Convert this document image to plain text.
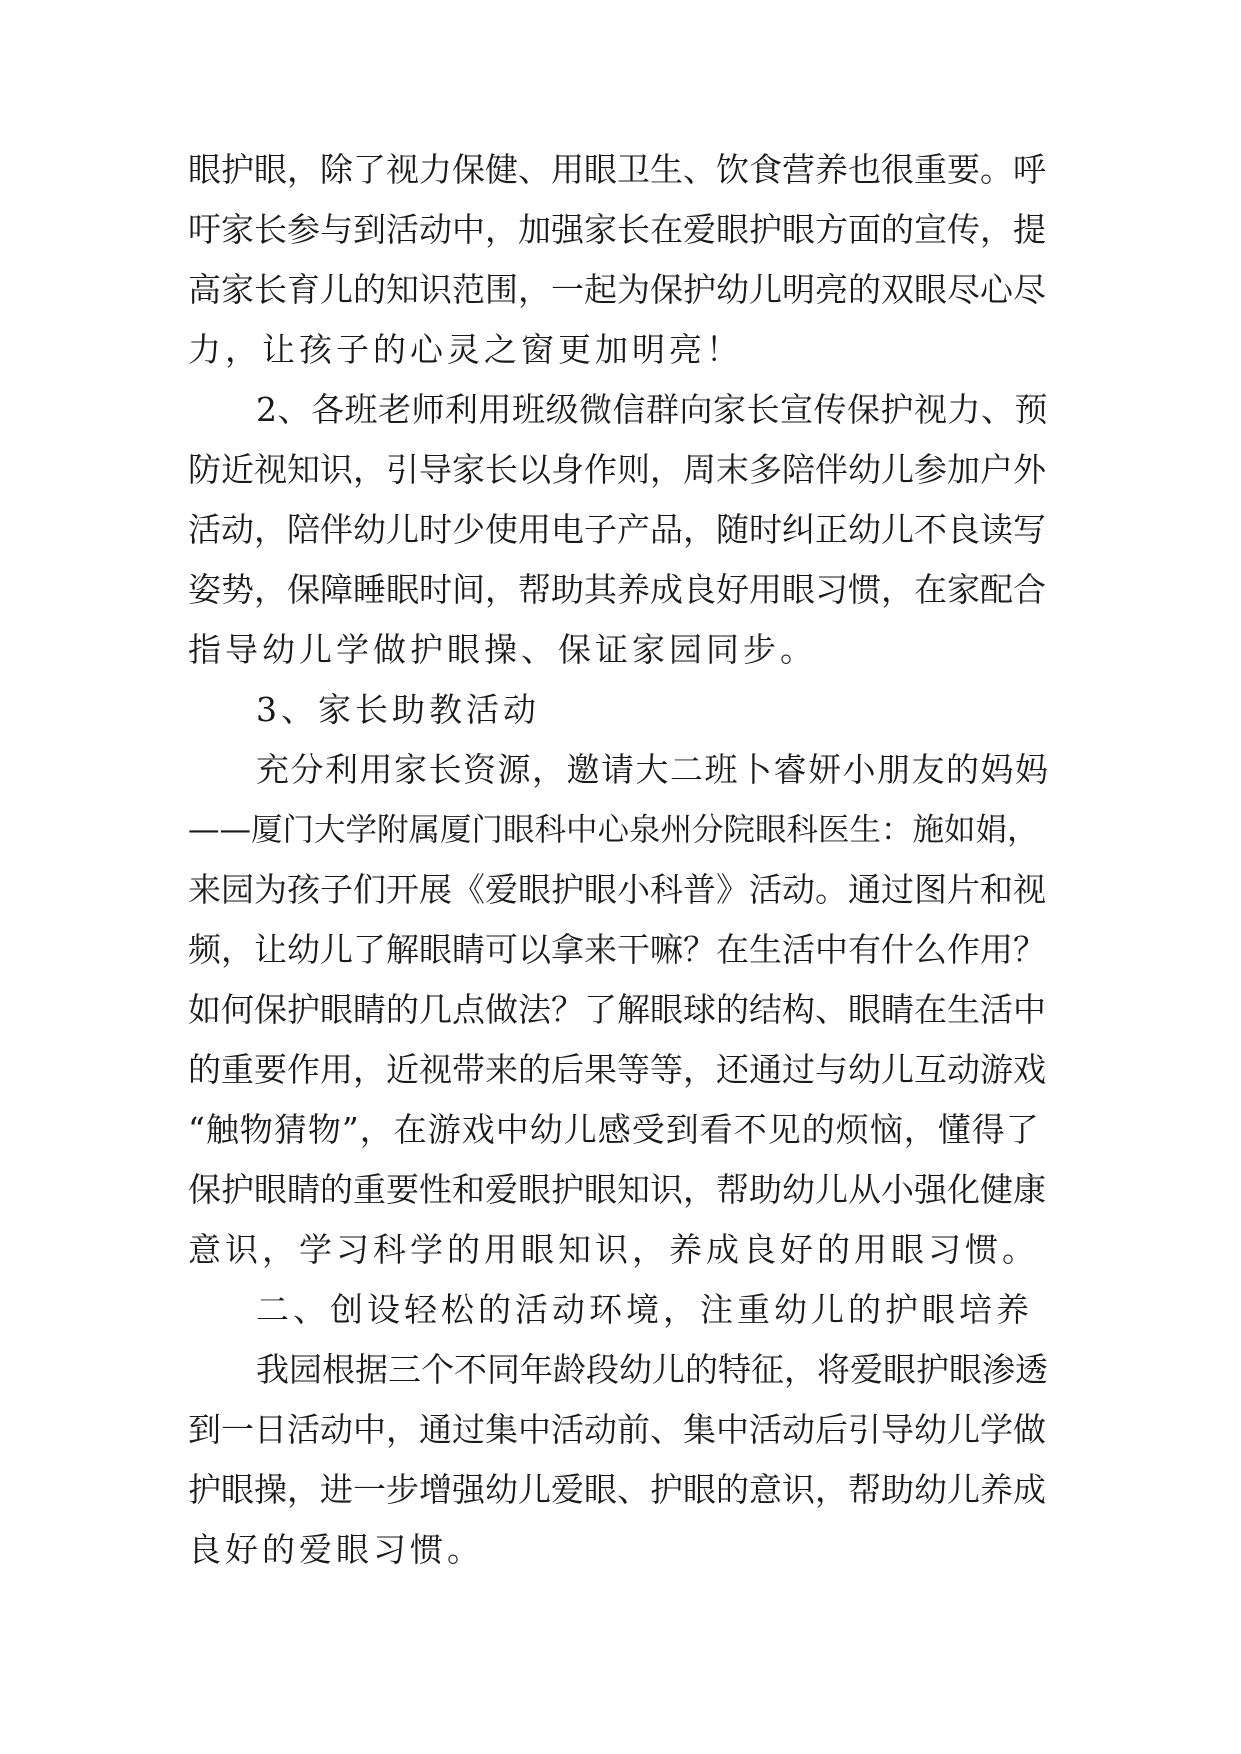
眼护眼，除了视力保健、用眼卫生、饮食营养也很重要。呼
吁家长参与到活动中，加强家长在爱眼护眼方面的宣传，提
高家长育儿的知识范围，一起为保护幼儿明亮的双眼尽心尽
力，让孩子的心灵之窗更加明亮！
2、各班老师利用班级微信群向家长宣传保护视力、预
防近视知识，引导家长以身作则，周末多陪伴幼儿参加户外
活动，陪伴幼儿时少使用电子产品，随时纠正幼儿不良读写
姿势，保障睡眠时间，帮助其养成良好用眼习惯，在家配合
指导幼儿学做护眼操、保证家园同步。
3、家长助教活动
充分利用家长资源，邀请大二班卜睿妍小朋友的妈妈
——厦门大学附属厦门眼科中心泉州分院眼科医生：施如娟，
来园为孩子们开展《爱眼护眼小科普》活动。通过图片和视
频，让幼儿了解眼睛可以拿来干嘛？在生活中有什么作用？
如何保护眼睛的几点做法？了解眼球的结构、眼睛在生活中
的重要作用，近视带来的后果等等，还通过与幼儿互动游戏
“触物猜物”，在游戏中幼儿感受到看不见的烦恼，懂得了
保护眼睛的重要性和爱眼护眼知识，帮助幼儿从小强化健康
意识，学习科学的用眼知识，养成良好的用眼习惯。
二、创设轻松的活动环境，注重幼儿的护眼培养
我园根据三个不同年龄段幼儿的特征，将爱眼护眼渗透
到一日活动中，通过集中活动前、集中活动后引导幼儿学做
护眼操，进一步增强幼儿爱眼、护眼的意识，帮助幼儿养成
良好的爱眼习惯。
